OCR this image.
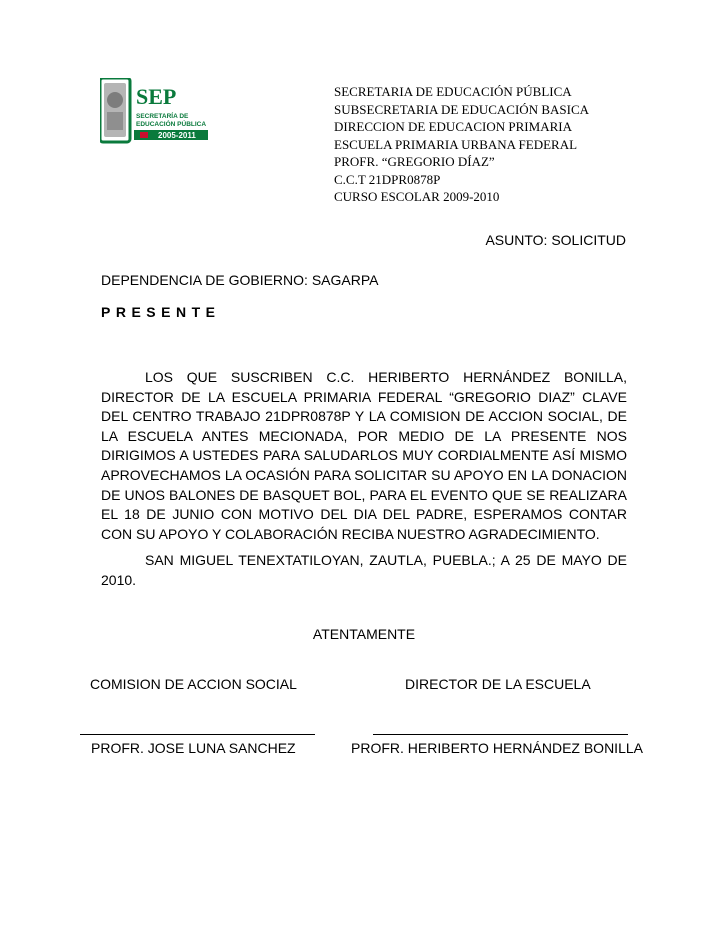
SEP
SECRETARÍA DE
EDUCACIÓN PÚBLICA
2005-2011
SECRETARIA DE EDUCACIÓN PÚBLICA
SUBSECRETARIA DE EDUCACIÓN BASICA
DIRECCION DE EDUCACION PRIMARIA
ESCUELA PRIMARIA URBANA FEDERAL
PROFR. “GREGORIO DÍAZ”
C.C.T 21DPR0878P
CURSO ESCOLAR 2009-2010
ASUNTO: SOLICITUD
DEPENDENCIA DE GOBIERNO: SAGARPA
PRESENTE
LOS QUE SUSCRIBEN C.C. HERIBERTO HERNÁNDEZ BONILLA, DIRECTOR DE LA ESCUELA PRIMARIA FEDERAL “GREGORIO DIAZ” CLAVE DEL CENTRO TRABAJO 21DPR0878P Y LA COMISION DE ACCION SOCIAL, DE LA ESCUELA ANTES MECIONADA, POR MEDIO DE LA PRESENTE NOS DIRIGIMOS A USTEDES PARA SALUDARLOS MUY CORDIALMENTE ASÍ MISMO APROVECHAMOS LA OCASIÓN PARA SOLICITAR SU APOYO EN LA DONACION DE UNOS BALONES DE BASQUET BOL, PARA EL EVENTO QUE SE REALIZARA EL 18 DE JUNIO CON MOTIVO DEL DIA DEL PADRE, ESPERAMOS CONTAR CON SU APOYO Y COLABORACIÓN RECIBA NUESTRO AGRADECIMIENTO.
SAN MIGUEL TENEXTATILOYAN, ZAUTLA, PUEBLA.; A 25 DE MAYO DE 2010.
ATENTAMENTE
COMISION DE ACCION SOCIAL	DIRECTOR DE LA ESCUELA
PROFR. JOSE LUNA SANCHEZ	PROFR. HERIBERTO HERNÁNDEZ BONILLA
